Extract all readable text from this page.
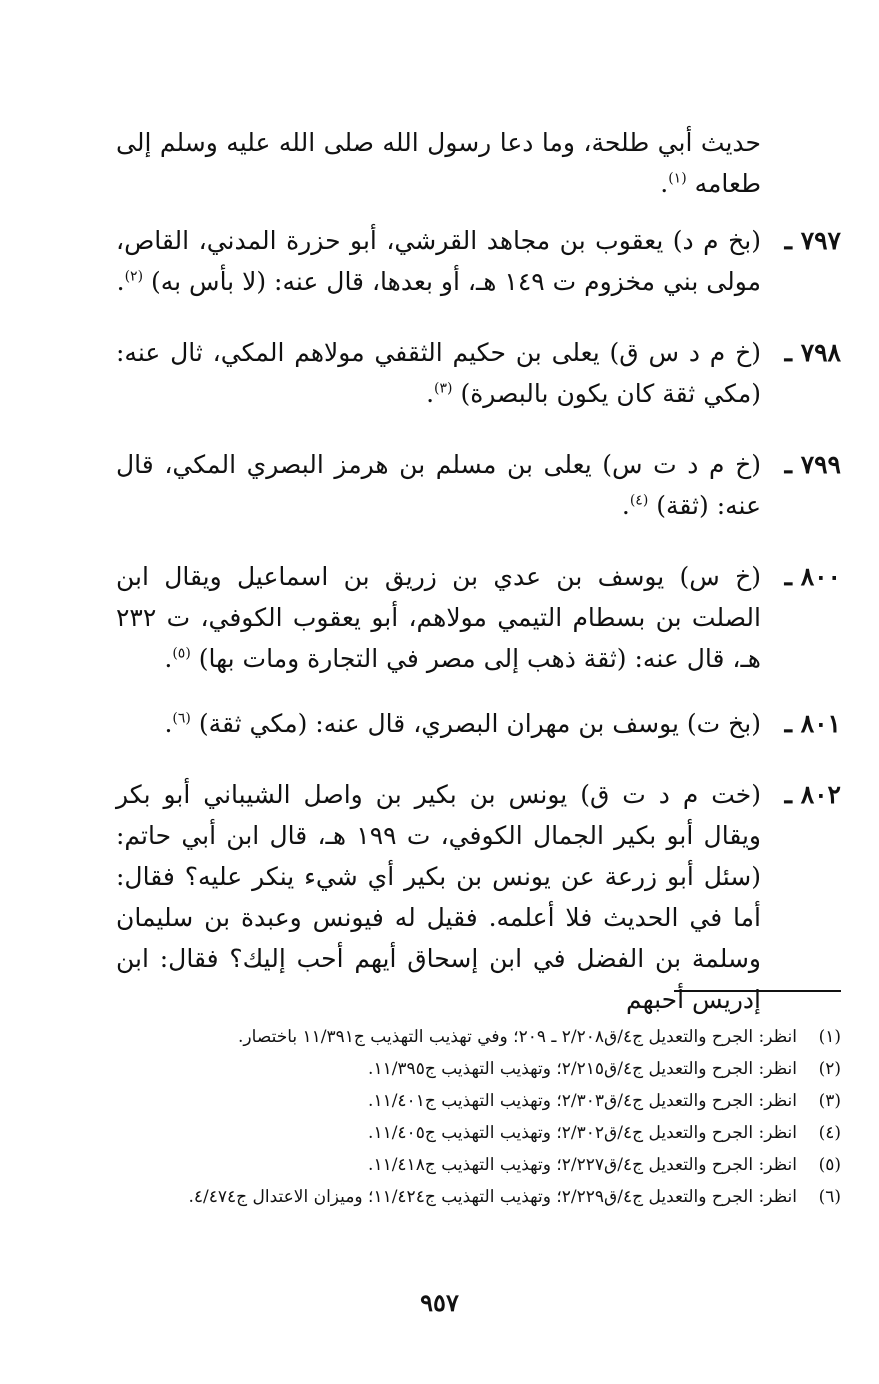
حديث أبي طلحة، وما دعا رسول الله صلى الله عليه وسلم إلى طعامه $^{(١)}$.

٧٩٧ ـ
(بخ م د) يعقوب بن مجاهد القرشي، أبو حزرة المدني، القاص، مولى بني مخزوم ت ١٤٩ هـ، أو بعدها، قال عنه: (لا بأس به) $^{(٢)}$.
٧٩٨ ـ
(خ م د س ق) يعلى بن حكيم الثقفي مولاهم المكي، ثال عنه: (مكي ثقة كان يكون بالبصرة) $^{(٣)}$.
٧٩٩ ـ
(خ م د ت س) يعلى بن مسلم بن هرمز البصري المكي، قال عنه: (ثقة) $^{(٤)}$.
٨٠٠ ـ
(خ س) يوسف بن عدي بن زريق بن اسماعيل ويقال ابن الصلت بن بسطام التيمي مولاهم، أبو يعقوب الكوفي، ت ٢٣٢ هـ، قال عنه: (ثقة ذهب إلى مصر في التجارة ومات بها) $^{(٥)}$.
٨٠١ ـ
(بخ ت) يوسف بن مهران البصري، قال عنه: (مكي ثقة) $^{(٦)}$.
٨٠٢ ـ
(خت م د ت ق) يونس بن بكير بن واصل الشيباني أبو بكر ويقال أبو بكير الجمال الكوفي، ت ١٩٩ هـ، قال ابن أبي حاتم: (سئل أبو زرعة عن يونس بن بكير أي شيء ينكر عليه؟ فقال: أما في الحديث فلا أعلمه. فقيل له فيونس وعبدة بن سليمان وسلمة بن الفضل في ابن إسحاق أيهم أحب إليك؟ فقال: ابن إدريس أحبهم

(١)
انظر: الجرح والتعديل ج٤/ق٢/٢٠٨ ـ ٢٠٩؛ وفي تهذيب التهذيب ج١١/٣٩١ باختصار.

(٢)
انظر: الجرح والتعديل ج٤/ق٢/٢١٥؛ وتهذيب التهذيب ج١١/٣٩٥.

(٣)
انظر: الجرح والتعديل ج٤/ق٢/٣٠٣؛ وتهذيب التهذيب ج١١/٤٠١.

(٤)
انظر: الجرح والتعديل ج٤/ق٢/٣٠٢؛ وتهذيب التهذيب ج١١/٤٠٥.

(٥)
انظر: الجرح والتعديل ج٤/ق٢/٢٢٧؛ وتهذيب التهذيب ج١١/٤١٨.

(٦)
انظر: الجرح والتعديل ج٤/ق٢/٢٢٩؛ وتهذيب التهذيب ج١١/٤٢٤؛ وميزان الاعتدال ج٤/٤٧٤.

٩٥٧
